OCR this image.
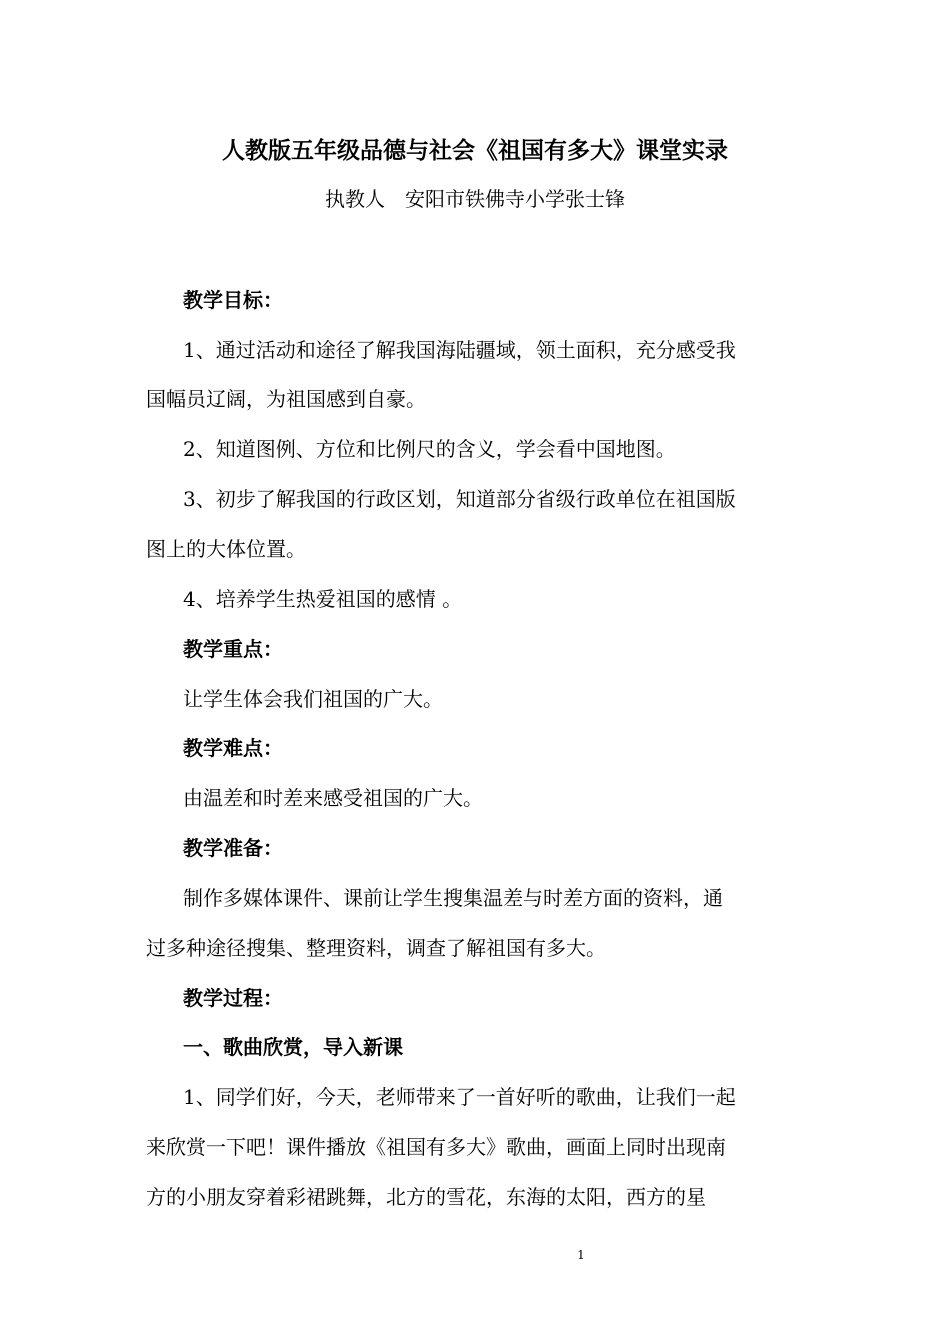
人教版五年级品德与社会《祖国有多大》课堂实录
执教人　安阳市铁佛寺小学张士锋
教学目标：
1、通过活动和途径了解我国海陆疆域，领土面积，充分感受我
国幅员辽阔，为祖国感到自豪。
2、知道图例、方位和比例尺的含义，学会看中国地图。
3、初步了解我国的行政区划，知道部分省级行政单位在祖国版
图上的大体位置。
4、培养学生热爱祖国的感情 。
教学重点：
让学生体会我们祖国的广大。
教学难点：
由温差和时差来感受祖国的广大。
教学准备：
制作多媒体课件、课前让学生搜集温差与时差方面的资料，通
过多种途径搜集、整理资料，调查了解祖国有多大。
教学过程：
一、歌曲欣赏，导入新课
1、同学们好，今天，老师带来了一首好听的歌曲，让我们一起
来欣赏一下吧！课件播放《祖国有多大》歌曲，画面上同时出现南
方的小朋友穿着彩裙跳舞，北方的雪花，东海的太阳，西方的星
1
